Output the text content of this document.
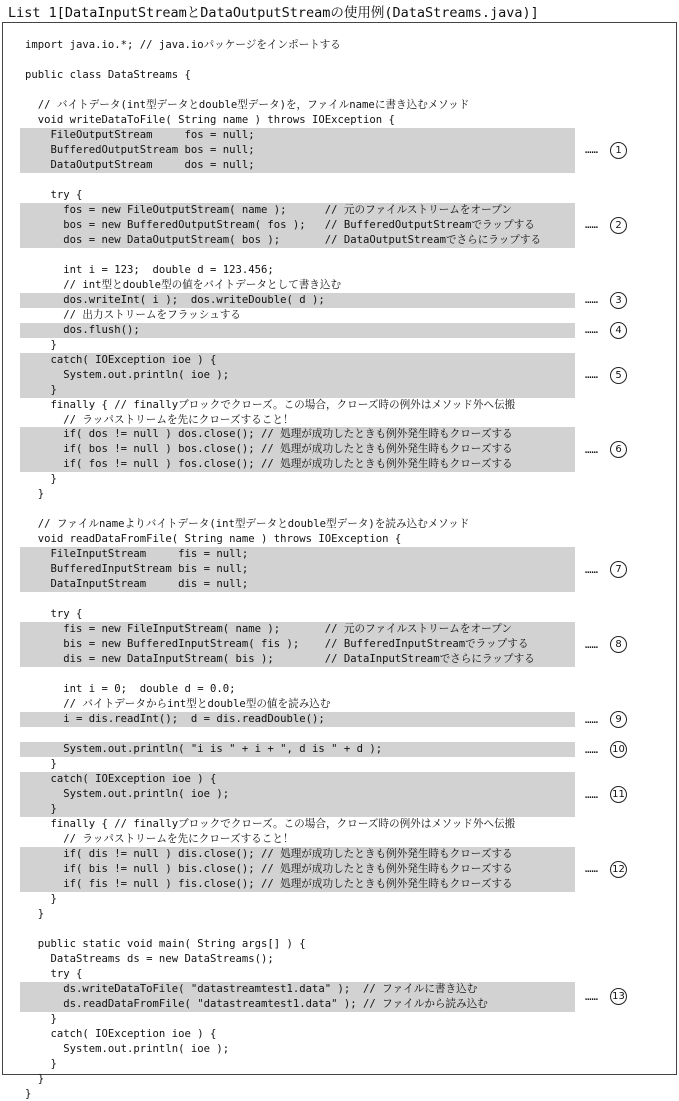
List 1[DataInputStreamとDataOutputStreamの使用例(DataStreams.java)]
import java.io.*; // java.ioパッケージをインポートする
public class DataStreams {
// バイトデータ(int型データとdouble型データ)を，ファイルnameに書き込むメソッド
void writeDataToFile( String name ) throws IOException {
FileOutputStream     fos = null;
BufferedOutputStream bos = null;
DataOutputStream     dos = null;
try {
fos = new FileOutputStream( name );      // 元のファイルストリームをオープン
bos = new BufferedOutputStream( fos );   // BufferedOutputStreamでラップする
dos = new DataOutputStream( bos );       // DataOutputStreamでさらにラップする
int i = 123;  double d = 123.456;
// int型とdouble型の値をバイトデータとして書き込む
dos.writeInt( i );  dos.writeDouble( d );
// 出力ストリームをフラッシュする
dos.flush();
}
catch( IOException ioe ) {
System.out.println( ioe );
}
finally { // finallyブロックでクローズ。この場合，クローズ時の例外はメソッド外へ伝搬
// ラッパストリームを先にクローズすること！
if( dos != null ) dos.close(); // 処理が成功したときも例外発生時もクローズする
if( bos != null ) bos.close(); // 処理が成功したときも例外発生時もクローズする
if( fos != null ) fos.close(); // 処理が成功したときも例外発生時もクローズする
}
}
// ファイルnameよりバイトデータ(int型データとdouble型データ)を読み込むメソッド
void readDataFromFile( String name ) throws IOException {
FileInputStream     fis = null;
BufferedInputStream bis = null;
DataInputStream     dis = null;
try {
fis = new FileInputStream( name );       // 元のファイルストリームをオープン
bis = new BufferedInputStream( fis );    // BufferedInputStreamでラップする
dis = new DataInputStream( bis );        // DataInputStreamでさらにラップする
int i = 0;  double d = 0.0;
// バイトデータからint型とdouble型の値を読み込む
i = dis.readInt();  d = dis.readDouble();
System.out.println( "i is " + i + ", d is " + d );
}
catch( IOException ioe ) {
System.out.println( ioe );
}
finally { // finallyブロックでクローズ。この場合，クローズ時の例外はメソッド外へ伝搬
// ラッパストリームを先にクローズすること！
if( dis != null ) dis.close(); // 処理が成功したときも例外発生時もクローズする
if( bis != null ) bis.close(); // 処理が成功したときも例外発生時もクローズする
if( fis != null ) fis.close(); // 処理が成功したときも例外発生時もクローズする
}
}
public static void main( String args[] ) {
DataStreams ds = new DataStreams();
try {
ds.writeDataToFile( "datastreamtest1.data" );  // ファイルに書き込む
ds.readDataFromFile( "datastreamtest1.data" ); // ファイルから読み込む
}
catch( IOException ioe ) {
System.out.println( ioe );
}
}
}
……	1
……	2
……	3
……	4
……	5
……	6
……	7
……	8
……	9
…… 10
…… 11
…… 12
…… 13
